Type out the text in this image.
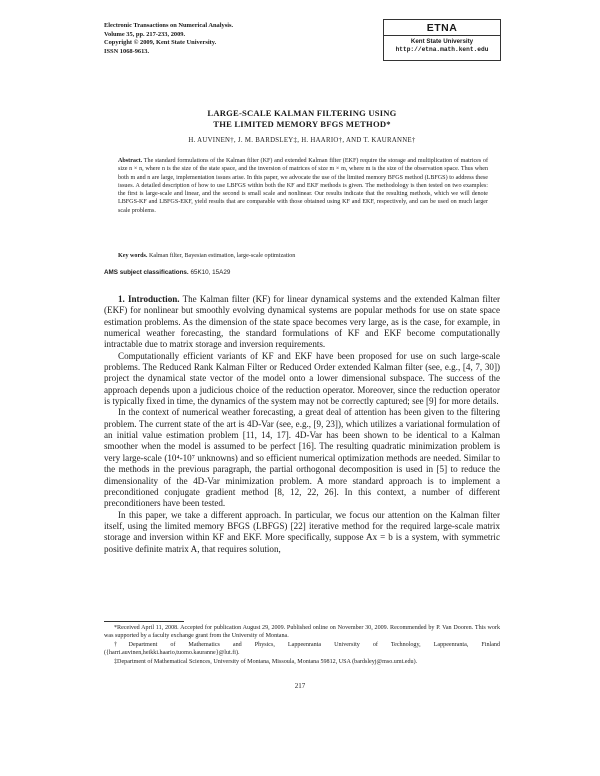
Electronic Transactions on Numerical Analysis.
Volume 35, pp. 217-233, 2009.
Copyright © 2009, Kent State University.
ISSN 1068-9613.
ETNA
Kent State University
http://etna.math.kent.edu
LARGE-SCALE KALMAN FILTERING USING
THE LIMITED MEMORY BFGS METHOD*
H. AUVINEN†, J. M. BARDSLEY‡, H. HAARIO†, AND T. KAURANNE†
Abstract. The standard formulations of the Kalman filter (KF) and extended Kalman filter (EKF) require the storage and multiplication of matrices of size n × n, where n is the size of the state space, and the inversion of matrices of size m × m, where m is the size of the observation space. Thus when both m and n are large, implementation issues arise. In this paper, we advocate the use of the limited memory BFGS method (LBFGS) to address these issues. A detailed description of how to use LBFGS within both the KF and EKF methods is given. The methodology is then tested on two examples: the first is large-scale and linear, and the second is small scale and nonlinear. Our results indicate that the resulting methods, which we will denote LBFGS-KF and LBFGS-EKF, yield results that are comparable with those obtained using KF and EKF, respectively, and can be used on much larger scale problems.
Key words. Kalman filter, Bayesian estimation, large-scale optimization
AMS subject classifications. 65K10, 15A29

1. Introduction. The Kalman filter (KF) for linear dynamical systems and the extended Kalman filter (EKF) for nonlinear but smoothly evolving dynamical systems are popular methods for use on state space estimation problems. As the dimension of the state space becomes very large, as is the case, for example, in numerical weather forecasting, the standard formulations of KF and EKF become computationally intractable due to matrix storage and inversion requirements.

Computationally efficient variants of KF and EKF have been proposed for use on such large-scale problems. The Reduced Rank Kalman Filter or Reduced Order extended Kalman filter (see, e.g., [4, 7, 30]) project the dynamical state vector of the model onto a lower dimensional subspace. The success of the approach depends upon a judicious choice of the reduction operator. Moreover, since the reduction operator is typically fixed in time, the dynamics of the system may not be correctly captured; see [9] for more details.

In the context of numerical weather forecasting, a great deal of attention has been given to the filtering problem. The current state of the art is 4D-Var (see, e.g., [9, 23]), which utilizes a variational formulation of an initial value estimation problem [11, 14, 17]. 4D-Var has been shown to be identical to a Kalman smoother when the model is assumed to be perfect [16]. The resulting quadratic minimization problem is very large-scale (10⁴-10⁷ unknowns) and so efficient numerical optimization methods are needed. Similar to the methods in the previous paragraph, the partial orthogonal decomposition is used in [5] to reduce the dimensionality of the 4D-Var minimization problem. A more standard approach is to implement a preconditioned conjugate gradient method [8, 12, 22, 26]. In this context, a number of different preconditioners have been tested.

In this paper, we take a different approach. In particular, we focus our attention on the Kalman filter itself, using the limited memory BFGS (LBFGS) [22] iterative method for the required large-scale matrix storage and inversion within KF and EKF. More specifically, suppose Ax = b is a system, with symmetric positive definite matrix A, that requires solution,

*Received April 11, 2008. Accepted for publication August 29, 2009. Published online on November 30, 2009. Recommended by P. Van Dooren. This work was supported by a faculty exchange grant from the University of Montana.
†Department of Mathematics and Physics, Lappeenranta University of Technology, Lappeenranta, Finland ({harri.auvinen,heikki.haario,tuomo.kauranne}@lut.fi).
‡Department of Mathematical Sciences, University of Montana, Missoula, Montana 59812, USA (bardsleyj@mso.umt.edu).
217
